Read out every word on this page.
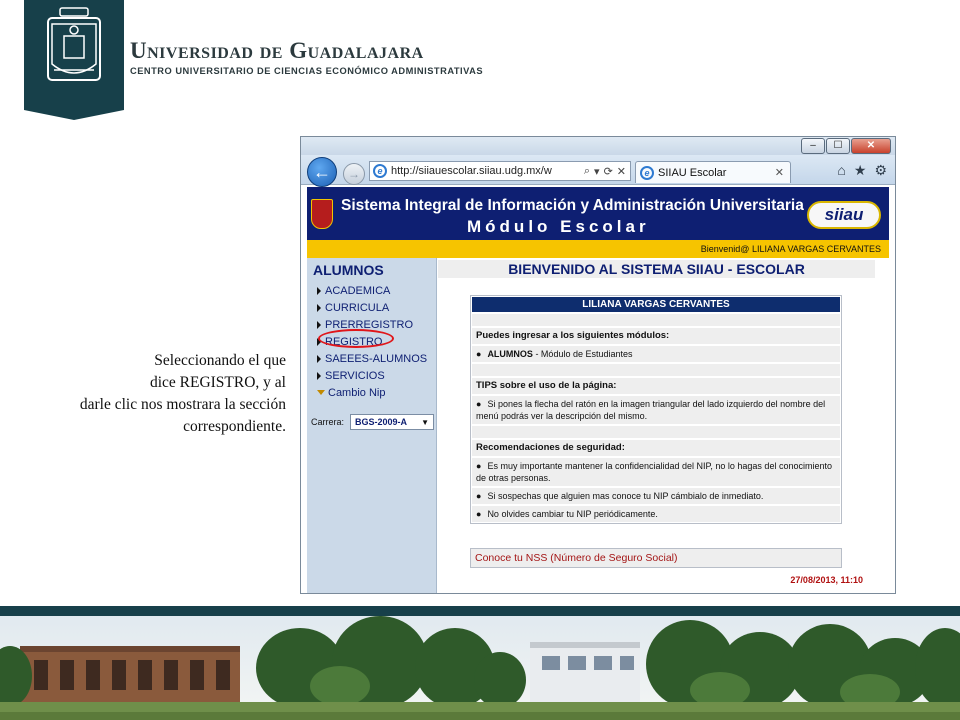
Universidad de Guadalajara
CENTRO UNIVERSITARIO DE CIENCIAS ECONÓMICO ADMINISTRATIVAS
Seleccionando el que
dice REGISTRO, y al
darle clic nos mostrara la sección
correspondiente.
–	☐	✕
←	→	e http://siiauescolar.siiau.udg.mx/w	⌕ ▾ ⟳ ✕	e SIIAU Escolar	✕	⌂ ★ ⚙
Sistema Integral de Información y Administración Universitaria
Módulo Escolar
siiau
Bienvenid@ LILIANA VARGAS CERVANTES
ALUMNOS
ACADEMICA
CURRICULA
PRERREGISTRO
REGISTRO
SAEEES-ALUMNOS
SERVICIOS
Cambio Nip
Carrera: BGS-2009-A ▼
BIENVENIDO AL SISTEMA SIIAU - ESCOLAR
LILIANA VARGAS CERVANTES
Puedes ingresar a los siguientes módulos:
● ALUMNOS - Módulo de Estudiantes
TIPS sobre el uso de la página:
● Si pones la flecha del ratón en la imagen triangular del lado izquierdo del nombre del menú podrás ver la descripción del mismo.
Recomendaciones de seguridad:
● Es muy importante mantener la confidencialidad del NIP, no lo hagas del conocimiento de otras personas.
● Si sospechas que alguien mas conoce tu NIP cámbialo de inmediato.
● No olvides cambiar tu NIP periódicamente.
Conoce tu NSS (Número de Seguro Social)
27/08/2013, 11:10
